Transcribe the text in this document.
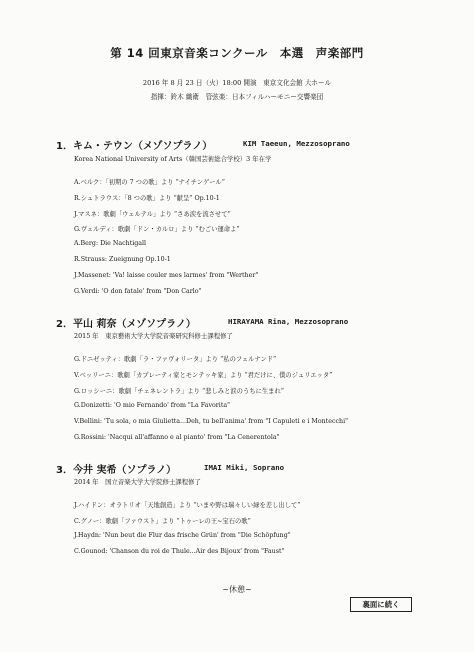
第 14 回東京音楽コンクール　本選　声楽部門
2016 年 8 月 23 日（火）18:00 開演　東京文化会館 大ホール
指揮：鈴木 織衛　管弦楽：日本フィルハーモニー交響楽団
1．キム・テウン（メゾソプラノ）	KIM Taeeun, Mezzosoprano
Korea National University of Arts（韓国芸術総合学校）3 年在学
A.ベルク：「初期の 7 つの歌」より “ナイチンゲール”
R.シュトラウス：「8 つの歌」より “献呈” Op.10-1
J.マスネ：歌劇「ウェルテル」より “さあ涙を流させて”
G.ヴェルディ：歌劇「ドン・カルロ」より “むごい運命よ”
A.Berg: Die Nachtigall
R.Strauss: Zueignung Op.10-1
J.Massenet: 'Va! laisse couler mes larmes' from "Werther"
G.Verdi: 'O don fatale' from "Don Carlo"
2．平山 莉奈（メゾソプラノ）	HIRAYAMA Rina, Mezzosoprano
2015 年　東京藝術大学大学院音楽研究科修士課程修了
G.ドニゼッティ：歌劇「ラ・ファヴォリータ」より “私のフェルナンド”
V.ベッリーニ：歌劇「カプレーティ家とモンテッキ家」より “君だけに、僕のジュリエッタ”
G.ロッシーニ：歌劇「チェネレントラ」より “悲しみと涙のうちに生まれ”
G.Donizetti: 'O mio Fernando' from "La Favorita"
V.Bellini: 'Tu sola, o mia Giulietta...Deh, tu bell'anima' from "I Capuleti e i Montecchi"
G.Rossini: 'Nacqui all'affanno e al pianto' from "La Cenerentola"
3．今井 実希（ソプラノ）	IMAI Miki, Soprano
2014 年　国立音楽大学大学院修士課程修了
J.ハイドン：オラトリオ「天地創造」より “いまや野は瑞々しい緑を差し出して”
C.グノー：歌劇「ファウスト」より “トゥーレの王~宝石の歌”
J.Haydn: 'Nun beut die Flur das frische Grün' from "Die Schöpfung"
C.Gounod: 'Chanson du roi de Thule...Air des Bijoux' from "Faust"
~休憩~
裏面に続く
